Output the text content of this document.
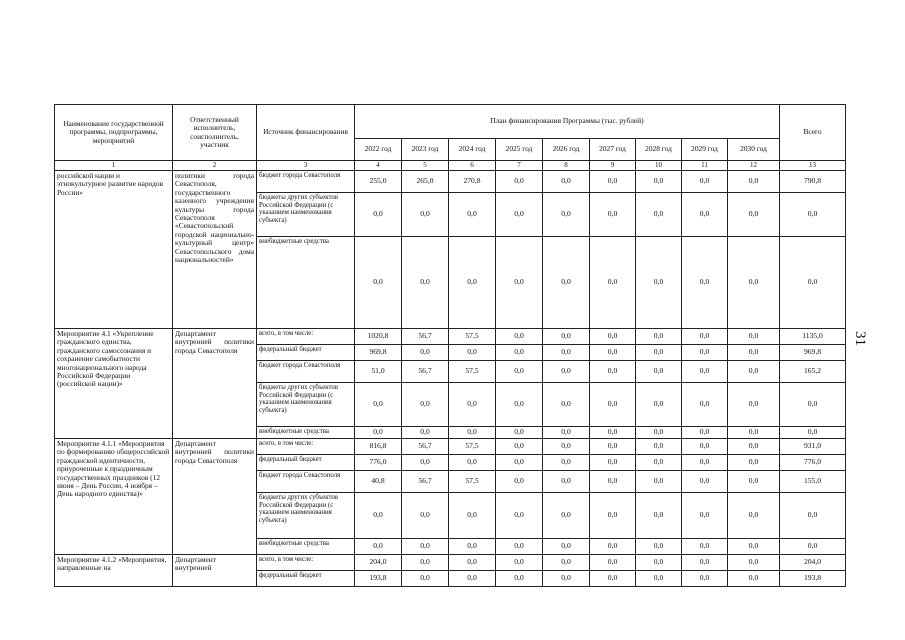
31
Наименование государственной программы, подпрограммы, мероприятий	Ответственный исполнитель, соисполнитель, участник	Источник финансирования	План финансирования Программы (тыс. рублей)									Всего
			2022 год	2023 год	2024 год	2025 год	2026 год	2027 год	2028 год	2029 год	2030 год	
1	2	3	4	5	6	7	8	9	10	11	12	13
российской нации и этнокультурное развитие народов России»	политики города Севастополя, государственного казенного учреждения культуры города Севастополя «Севастопольский городской национально-культурный центр» Севастопольского дома национальностей»	бюджет города Севастополя	255,0	265,0	270,8	0,0	0,0	0,0	0,0	0,0	0,0	790,8
		бюджеты других субъектов Российской Федерации (с указанием наименования субъекта)	0,0	0,0	0,0	0,0	0,0	0,0	0,0	0,0	0,0	0,0
		внебюджетные средства	0,0	0,0	0,0	0,0	0,0	0,0	0,0	0,0	0,0	0,0
Мероприятие 4.1 «Укрепление гражданского единства, гражданского самосознания и сохранение самобытности многонационального народа Российской Федерации (российской нации)»	Департамент внутренней политики города Севастополя	всего, в том числе:	1020,8	56,7	57,5	0,0	0,0	0,0	0,0	0,0	0,0	1135,0
		федеральный бюджет	969,8	0,0	0,0	0,0	0,0	0,0	0,0	0,0	0,0	969,8
		бюджет города Севастополя	51,0	56,7	57,5	0,0	0,0	0,0	0,0	0,0	0,0	165,2
		бюджеты других субъектов Российской Федерации (с указанием наименования субъекта)	0,0	0,0	0,0	0,0	0,0	0,0	0,0	0,0	0,0	0,0
		внебюджетные средства	0,0	0,0	0,0	0,0	0,0	0,0	0,0	0,0	0,0	0,0
Мероприятие 4.1.1 «Мероприятия по формированию общероссийской гражданской идентичности, приуроченные к праздничным государственных праздников (12 июня – День России, 4 ноября – День народного единства)»	Департамент внутренней политики города Севастополя	всего, в том числе:	816,8	56,7	57,5	0,0	0,0	0,0	0,0	0,0	0,0	931,0
		федеральный бюджет	776,0	0,0	0,0	0,0	0,0	0,0	0,0	0,0	0,0	776,0
		бюджет города Севастополя	40,8	56,7	57,5	0,0	0,0	0,0	0,0	0,0	0,0	155,0
		бюджеты других субъектов Российской Федерации (с указанием наименования субъекта)	0,0	0,0	0,0	0,0	0,0	0,0	0,0	0,0	0,0	0,0
		внебюджетные средства	0,0	0,0	0,0	0,0	0,0	0,0	0,0	0,0	0,0	0,0
Мероприятие 4.1.2 «Мероприятия, направленные на	Департамент внутренней	всего, в том числе:	204,0	0,0	0,0	0,0	0,0	0,0	0,0	0,0	0,0	204,0
		федеральный бюджет	193,8	0,0	0,0	0,0	0,0	0,0	0,0	0,0	0,0	193,8
